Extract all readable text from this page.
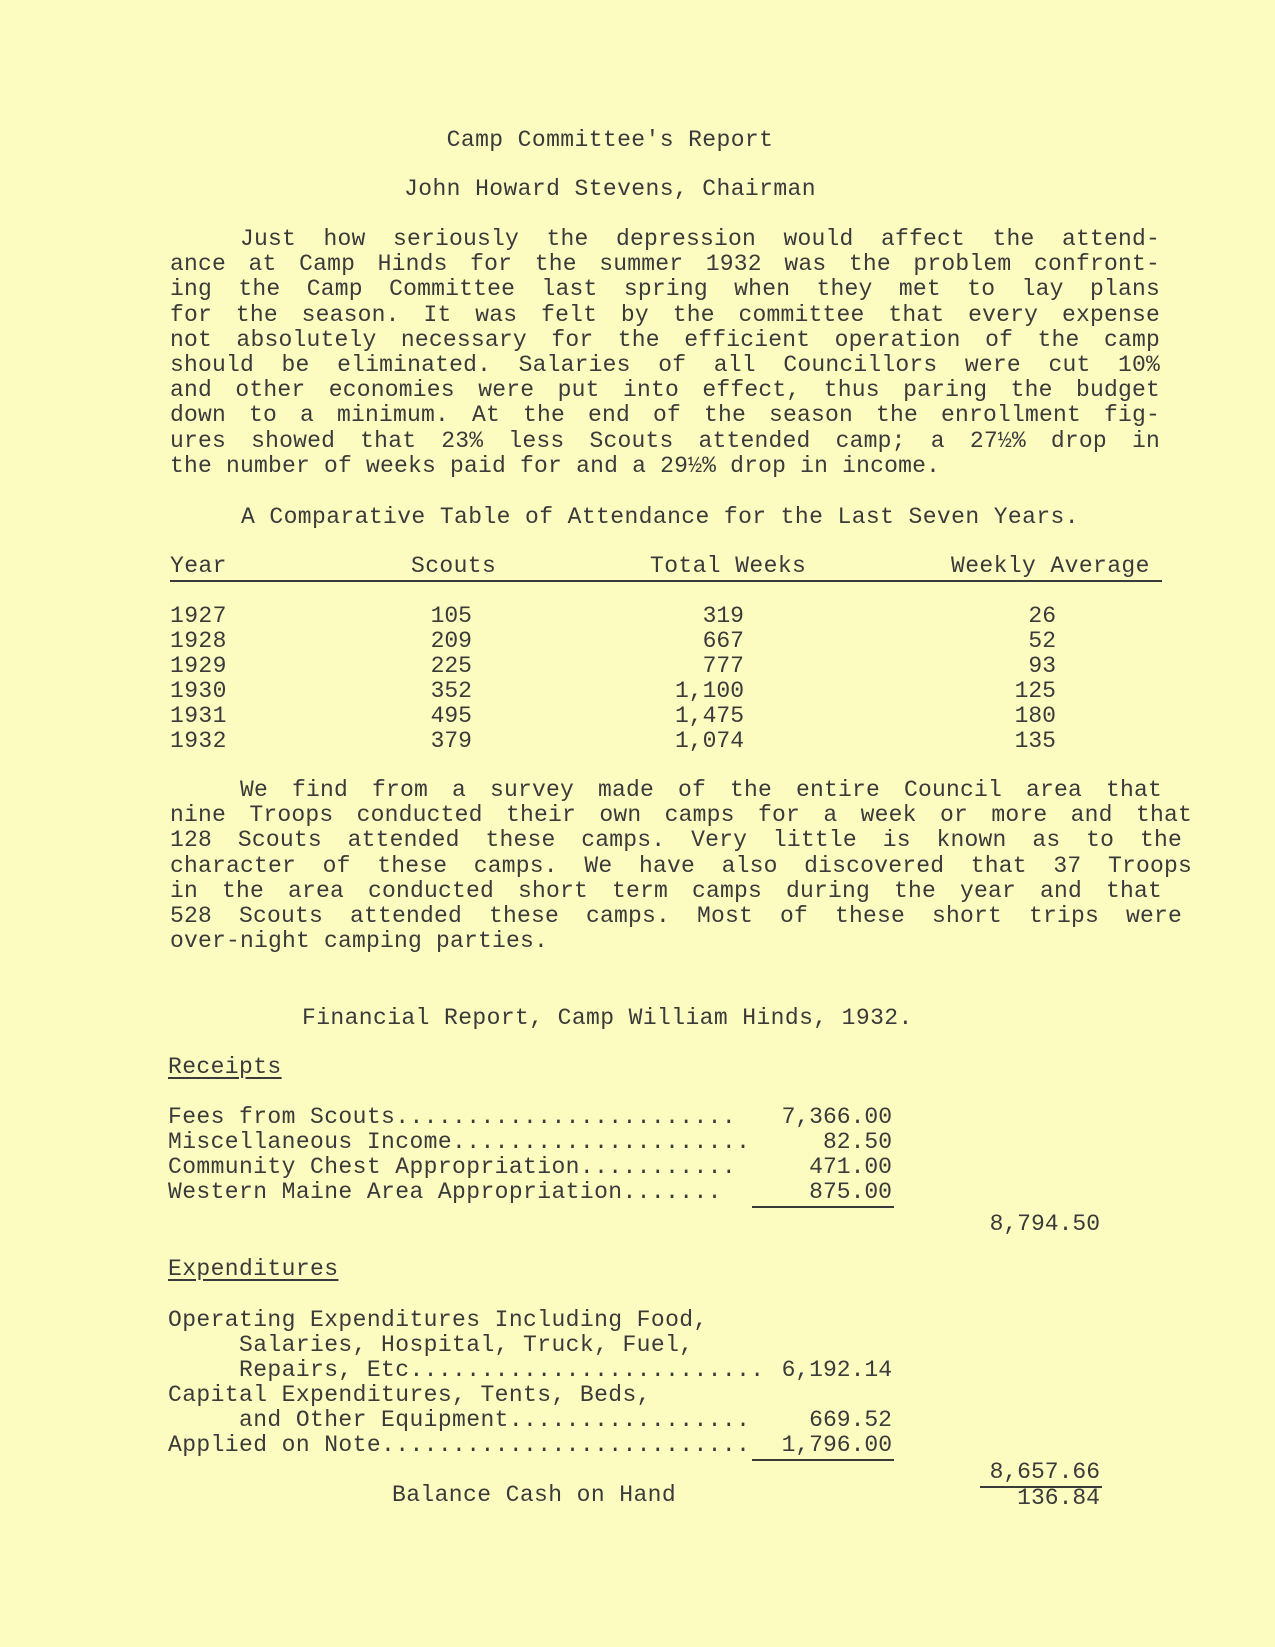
Camp Committee's Report
John Howard Stevens, Chairman
Just how seriously the depression would affect the attend-
ance at Camp Hinds for the summer 1932 was the problem confront-
ing the Camp Committee last spring when they met to lay plans
for the season. It was felt by the committee that every expense
not absolutely necessary for the efficient operation of the camp
should be eliminated. Salaries of all Councillors were cut 10%
and other economies were put into effect, thus paring the budget
down to a minimum. At the end of the season the enrollment fig-
ures showed that 23% less Scouts attended camp; a 27½% drop in
the number of weeks paid for and a 29½% drop in income.
A Comparative Table of Attendance for the Last Seven Years.
Year	Scouts	Total Weeks	Weekly Average
1927	105	319	26
1928	209	667	52
1929	225	777	93
1930	352	1,100	125
1931	495	1,475	180
1932	379	1,074	135
We find from a survey made of the entire Council area that
nine Troops conducted their own camps for a week or more and that
128 Scouts attended these camps. Very little is known as to the
character of these camps. We have also discovered that 37 Troops
in the area conducted short term camps during the year and that
528 Scouts attended these camps. Most of these short trips were
over-night camping parties.
Financial Report, Camp William Hinds, 1932.
Receipts
Fees from Scouts........................	7,366.00
Miscellaneous Income.....................	82.50
Community Chest Appropriation...........	471.00
Western Maine Area Appropriation.......	875.00
8,794.50
Expenditures
Operating Expenditures Including Food,
Salaries, Hospital, Truck, Fuel,
Repairs, Etc......................... 6,192.14
Capital Expenditures, Tents, Beds,
and Other Equipment.................	669.52
Applied on Note..........................	1,796.00
8,657.66
Balance Cash on Hand	136.84
